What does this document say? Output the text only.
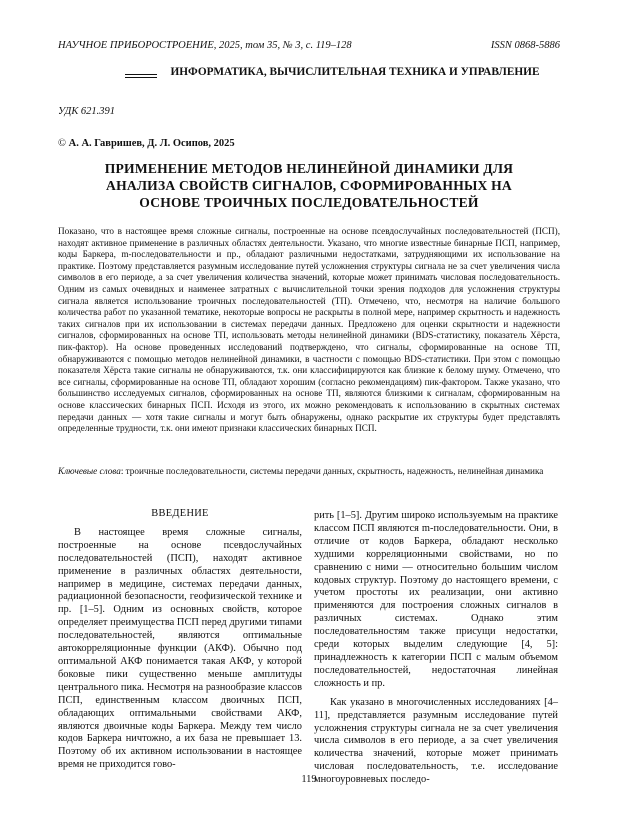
НАУЧНОЕ ПРИБОРОСТРОЕНИЕ, 2025, том 35, № 3, с. 119–128	ISSN 0868-5886
ИНФОРМАТИКА, ВЫЧИСЛИТЕЛЬНАЯ ТЕХНИКА И УПРАВЛЕНИЕ
УДК 621.391
© А. А. Гавришев, Д. Л. Осипов, 2025
ПРИМЕНЕНИЕ МЕТОДОВ НЕЛИНЕЙНОЙ ДИНАМИКИ ДЛЯ АНАЛИЗА СВОЙСТВ СИГНАЛОВ, СФОРМИРОВАННЫХ НА ОСНОВЕ ТРОИЧНЫХ ПОСЛЕДОВАТЕЛЬНОСТЕЙ

Показано, что в настоящее время сложные сигналы, построенные на основе псевдослучайных последовательностей (ПСП), находят активное применение в различных областях деятельности. Указано, что многие известные бинарные ПСП, например, коды Баркера, m-последовательности и пр., обладают различными недостатками, затрудняющими их использование на практике. Поэтому представляется разумным исследование путей усложнения структуры сигнала не за счет увеличения числа символов в его периоде, а за счет увеличения количества значений, которые может принимать числовая последовательность. Одним из самых очевидных и наименее затратных с вычислительной точки зрения подходов для усложнения структуры сигнала является использование троичных последовательностей (ТП). Отмечено, что, несмотря на наличие большого количества работ по указанной тематике, некоторые вопросы не раскрыты в полной мере, например скрытность и надежность таких сигналов при их использовании в системах передачи данных. Предложено для оценки скрытности и надежности сигналов, сформированных на основе ТП, использовать методы нелинейной динамики (BDS-статистику, показатель Хёрста, пик-фактор). На основе проведенных исследований подтверждено, что сигналы, сформированные на основе ТП, обнаруживаются с помощью методов нелинейной динамики, в частности с помощью BDS-статистики. При этом с помощью показателя Хёрста такие сигналы не обнаруживаются, т.к. они классифицируются как близкие к белому шуму. Отмечено, что все сигналы, сформированные на основе ТП, обладают хорошим (согласно рекомендациям) пик-фактором. Также указано, что большинство исследуемых сигналов, сформированных на основе ТП, являются близкими к сигналам, сформированным на основе классических бинарных ПСП. Исходя из этого, их можно рекомендовать к использованию в скрытных системах передачи данных — хотя такие сигналы и могут быть обнаружены, однако раскрытие их структуры будет представлять определенные трудности, т.к. они имеют признаки классических бинарных ПСП.

Ключевые слова: троичные последовательности, системы передачи данных, скрытность, надежность, нелинейная динамика

ВВЕДЕНИЕ

В настоящее время сложные сигналы, построенные на основе псевдослучайных последовательностей (ПСП), находят активное применение в различных областях деятельности, например в медицине, системах передачи данных, радиационной безопасности, геофизической технике и пр. [1–5]. Одним из основных свойств, которое определяет преимущества ПСП перед другими типами последовательностей, являются оптимальные автокорреляционные функции (АКФ). Обычно под оптимальной АКФ понимается такая АКФ, у которой боковые пики существенно меньше амплитуды центрального пика. Несмотря на разнообразие классов ПСП, единственным классом двоичных ПСП, обладающих оптимальными свойствами АКФ, являются двоичные коды Баркера. Между тем число кодов Баркера ничтожно, а их база не превышает 13. Поэтому об их активном использовании в настоящее время не приходится гово-

рить [1–5]. Другим широко используемым на практике классом ПСП являются m-последовательности. Они, в отличие от кодов Баркера, обладают несколько худшими корреляционными свойствами, но по сравнению с ними — относительно большим числом кодовых структур. Поэтому до настоящего времени, с учетом простоты их реализации, они активно применяются для построения сложных сигналов в различных системах. Однако этим последовательностям также присущи недостатки, среди которых выделим следующие [4, 5]: принадлежность к категории ПСП с малым объемом последовательностей, недостаточная линейная сложность и пр.

Как указано в многочисленных исследованиях [4–11], представляется разумным исследование путей усложнения структуры сигнала не за счет увеличения числа символов в его периоде, а за счет увеличения количества значений, которые может принимать числовая последовательность, т.е. исследование многоуровневых последо-

119
